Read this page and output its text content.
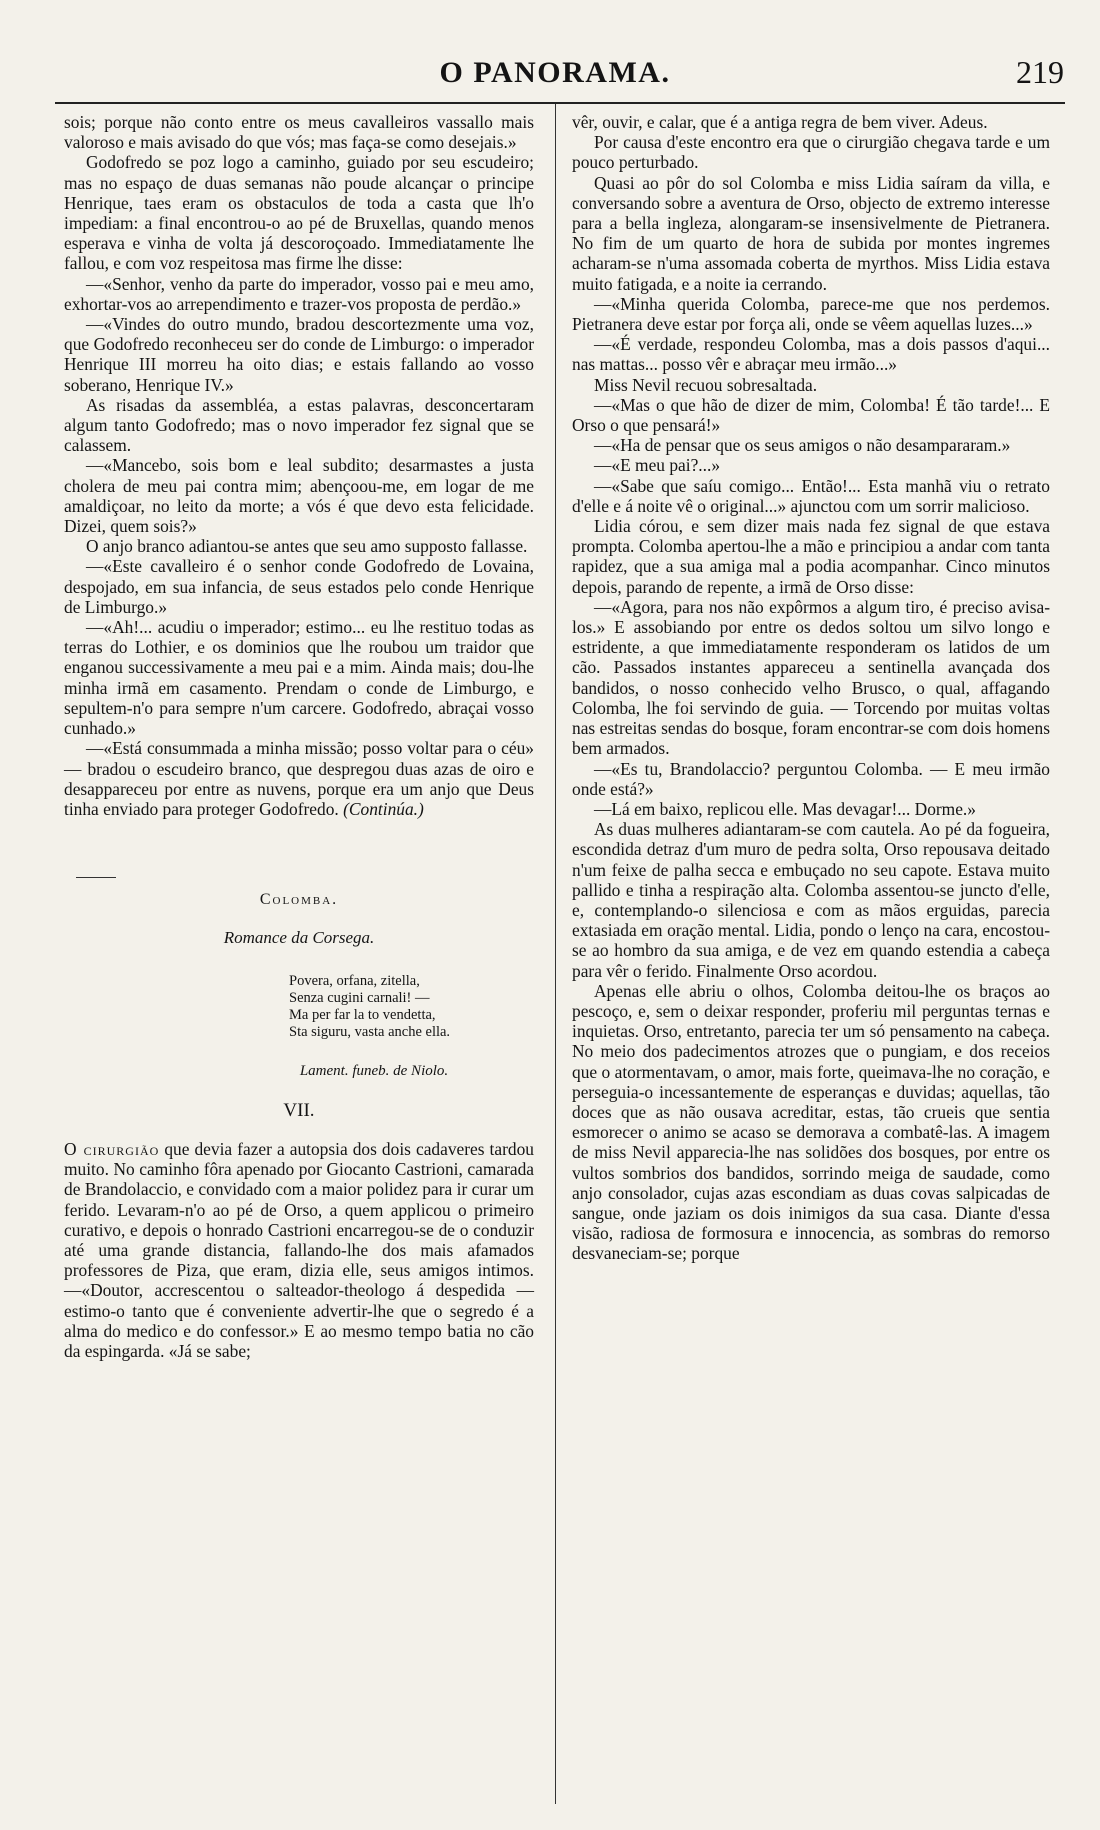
O PANORAMA.	219

sois; porque não conto entre os meus cavalleiros vassallo mais valoroso e mais avisado do que vós; mas faça-se como desejais.»

Godofredo se poz logo a caminho, guiado por seu escudeiro; mas no espaço de duas semanas não poude alcançar o principe Henrique, taes eram os obstaculos de toda a casta que lh'o impediam: a final encontrou-o ao pé de Bruxellas, quando menos esperava e vinha de volta já descoroçoado. Immediatamente lhe fallou, e com voz respeitosa mas firme lhe disse:

—«Senhor, venho da parte do imperador, vosso pai e meu amo, exhortar-vos ao arrependimento e trazer-vos proposta de perdão.»

—«Vindes do outro mundo, bradou descortezmente uma voz, que Godofredo reconheceu ser do conde de Limburgo: o imperador Henrique III morreu ha oito dias; e estais fallando ao vosso soberano, Henrique IV.»

As risadas da assembléa, a estas palavras, desconcertaram algum tanto Godofredo; mas o novo imperador fez signal que se calassem.

—«Mancebo, sois bom e leal subdito; desarmastes a justa cholera de meu pai contra mim; abençoou-me, em logar de me amaldiçoar, no leito da morte; a vós é que devo esta felicidade. Dizei, quem sois?»

O anjo branco adiantou-se antes que seu amo supposto fallasse.

—«Este cavalleiro é o senhor conde Godofredo de Lovaina, despojado, em sua infancia, de seus estados pelo conde Henrique de Limburgo.»

—«Ah!... acudiu o imperador; estimo... eu lhe restituo todas as terras do Lothier, e os dominios que lhe roubou um traidor que enganou successivamente a meu pai e a mim. Ainda mais; dou-lhe minha irmã em casamento. Prendam o conde de Limburgo, e sepultem-n'o para sempre n'um carcere. Godofredo, abraçai vosso cunhado.»

—«Está consummada a minha missão; posso voltar para o céu» — bradou o escudeiro branco, que despregou duas azas de oiro e desappareceu por entre as nuvens, porque era um anjo que Deus tinha enviado para proteger Godofredo. (Continúa.)

Colomba.
Romance da Corsega.
Povera, orfana, zitella,
Senza cugini carnali! —
Ma per far la to vendetta,
Sta siguru, vasta anche ella.
Lament. funeb. de Niolo.
VII.

O cirurgião que devia fazer a autopsia dos dois cadaveres tardou muito. No caminho fôra apenado por Giocanto Castrioni, camarada de Brandolaccio, e convidado com a maior polidez para ir curar um ferido. Levaram-n'o ao pé de Orso, a quem applicou o primeiro curativo, e depois o honrado Castrioni encarregou-se de o conduzir até uma grande distancia, fallando-lhe dos mais afamados professores de Piza, que eram, dizia elle, seus amigos intimos. —«Doutor, accrescentou o salteador-theologo á despedida — estimo-o tanto que é conveniente advertir-lhe que o segredo é a alma do medico e do confessor.» E ao mesmo tempo batia no cão da espingarda. «Já se sabe;

vêr, ouvir, e calar, que é a antiga regra de bem viver. Adeus.

Por causa d'este encontro era que o cirurgião chegava tarde e um pouco perturbado.

Quasi ao pôr do sol Colomba e miss Lidia saíram da villa, e conversando sobre a aventura de Orso, objecto de extremo interesse para a bella ingleza, alongaram-se insensivelmente de Pietranera. No fim de um quarto de hora de subida por montes ingremes acharam-se n'uma assomada coberta de myrthos. Miss Lidia estava muito fatigada, e a noite ia cerrando.

—«Minha querida Colomba, parece-me que nos perdemos. Pietranera deve estar por força ali, onde se vêem aquellas luzes...»

—«É verdade, respondeu Colomba, mas a dois passos d'aqui... nas mattas... posso vêr e abraçar meu irmão...»

Miss Nevil recuou sobresaltada.

—«Mas o que hão de dizer de mim, Colomba! É tão tarde!... E Orso o que pensará!»

—«Ha de pensar que os seus amigos o não desampararam.»

—«E meu pai?...»

—«Sabe que saíu comigo... Então!... Esta manhã viu o retrato d'elle e á noite vê o original...» ajunctou com um sorrir malicioso.

Lidia córou, e sem dizer mais nada fez signal de que estava prompta. Colomba apertou-lhe a mão e principiou a andar com tanta rapidez, que a sua amiga mal a podia acompanhar. Cinco minutos depois, parando de repente, a irmã de Orso disse:

—«Agora, para nos não expôrmos a algum tiro, é preciso avisa-los.» E assobiando por entre os dedos soltou um silvo longo e estridente, a que immediatamente responderam os latidos de um cão. Passados instantes appareceu a sentinella avançada dos bandidos, o nosso conhecido velho Brusco, o qual, affagando Colomba, lhe foi servindo de guia. — Torcendo por muitas voltas nas estreitas sendas do bosque, foram encontrar-se com dois homens bem armados.

—«Es tu, Brandolaccio? perguntou Colomba. — E meu irmão onde está?»

—Lá em baixo, replicou elle. Mas devagar!... Dorme.»

As duas mulheres adiantaram-se com cautela. Ao pé da fogueira, escondida detraz d'um muro de pedra solta, Orso repousava deitado n'um feixe de palha secca e embuçado no seu capote. Estava muito pallido e tinha a respiração alta. Colomba assentou-se juncto d'elle, e, contemplando-o silenciosa e com as mãos erguidas, parecia extasiada em oração mental. Lidia, pondo o lenço na cara, encostou-se ao hombro da sua amiga, e de vez em quando estendia a cabeça para vêr o ferido. Finalmente Orso acordou.

Apenas elle abriu o olhos, Colomba deitou-lhe os braços ao pescoço, e, sem o deixar responder, proferiu mil perguntas ternas e inquietas. Orso, entretanto, parecia ter um só pensamento na cabeça. No meio dos padecimentos atrozes que o pungiam, e dos receios que o atormentavam, o amor, mais forte, queimava-lhe no coração, e perseguia-o incessantemente de esperanças e duvidas; aquellas, tão doces que as não ousava acreditar, estas, tão crueis que sentia esmorecer o animo se acaso se demorava a combatê-las. A imagem de miss Nevil apparecia-lhe nas solidões dos bosques, por entre os vultos sombrios dos bandidos, sorrindo meiga de saudade, como anjo consolador, cujas azas escondiam as duas covas salpicadas de sangue, onde jaziam os dois inimigos da sua casa. Diante d'essa visão, radiosa de formosura e innocencia, as sombras do remorso desvaneciam-se; porque
